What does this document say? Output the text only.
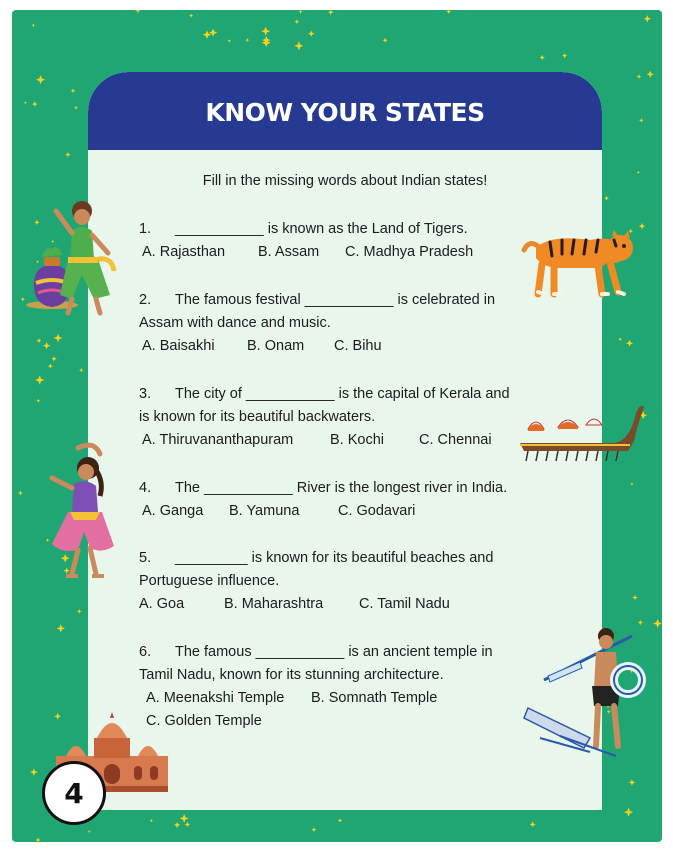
KNOW YOUR STATES
Fill in the missing words about Indian states!
1. ___________ is known as the Land of Tigers.
A. Rajasthan B. Assam C. Madhya Pradesh
2. The famous festival ___________ is celebrated in
Assam with dance and music.
A. Baisakhi B. Onam C. Bihu
3. The city of ___________ is the capital of Kerala and
is known for its beautiful backwaters.
A. Thiruvananthapuram	B. Kochi C. Chennai
4. The ___________ River is the longest river in India.
A. Ganga B. Yamuna	C. Godavari
5. _________ is known for its beautiful beaches and
Portuguese influence.
A. Goa	B. Maharashtra C. Tamil Nadu
6. The famous ___________ is an ancient temple in
Tamil Nadu, known for its stunning architecture.
A. Meenakshi Temple B. Somnath Temple
C. Golden Temple
4
